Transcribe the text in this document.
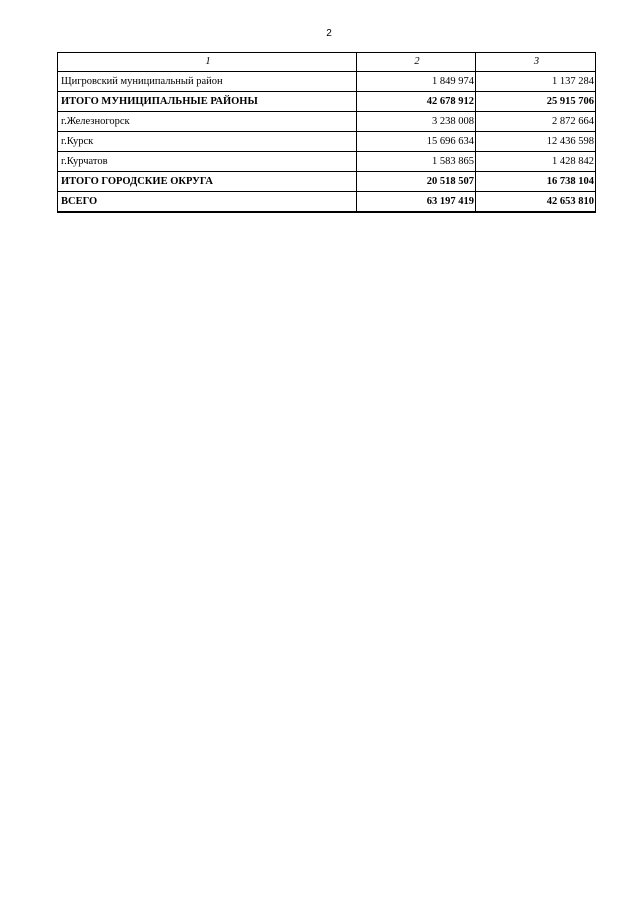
2
1	2	3
Щигровский муниципальный район	1 849 974	1 137 284
ИТОГО МУНИЦИПАЛЬНЫЕ РАЙОНЫ	42 678 912	25 915 706
г.Железногорск	3 238 008	2 872 664
г.Курск	15 696 634	12 436 598
г.Курчатов	1 583 865	1 428 842
ИТОГО ГОРОДСКИЕ ОКРУГА	20 518 507	16 738 104
ВСЕГО	63 197 419	42 653 810
